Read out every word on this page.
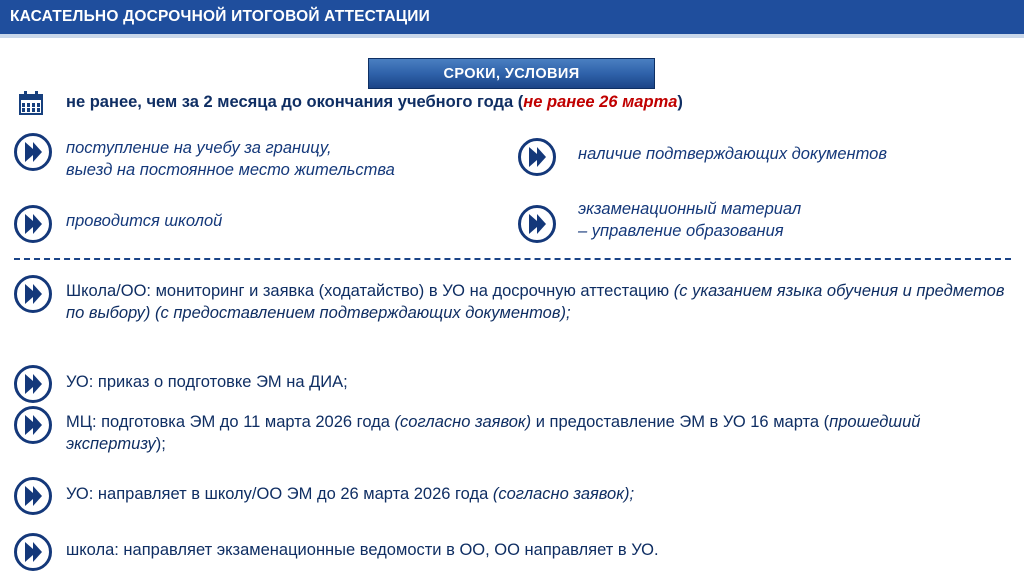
КАСАТЕЛЬНО ДОСРОЧНОЙ ИТОГОВОЙ АТТЕСТАЦИИ
СРОКИ, УСЛОВИЯ
не ранее, чем за 2 месяца до окончания учебного года (не ранее 26 марта)
поступление на учебу за границу,
выезд на постоянное место жительства
наличие подтверждающих документов
проводится школой
экзаменационный материал
– управление образования
Школа/ОО: мониторинг и заявка (ходатайство) в УО на досрочную аттестацию (с указанием языка обучения и предметов по выбору) (с предоставлением подтверждающих документов);
УО: приказ о подготовке ЭМ на ДИА;
МЦ: подготовка ЭМ до 11 марта 2026 года (согласно заявок) и предоставление ЭМ в УО 16 марта (прошедший экспертизу);
УО: направляет в школу/ОО ЭМ до 26 марта 2026 года (согласно заявок);
школа: направляет экзаменационные ведомости в ОО, ОО направляет в УО.
